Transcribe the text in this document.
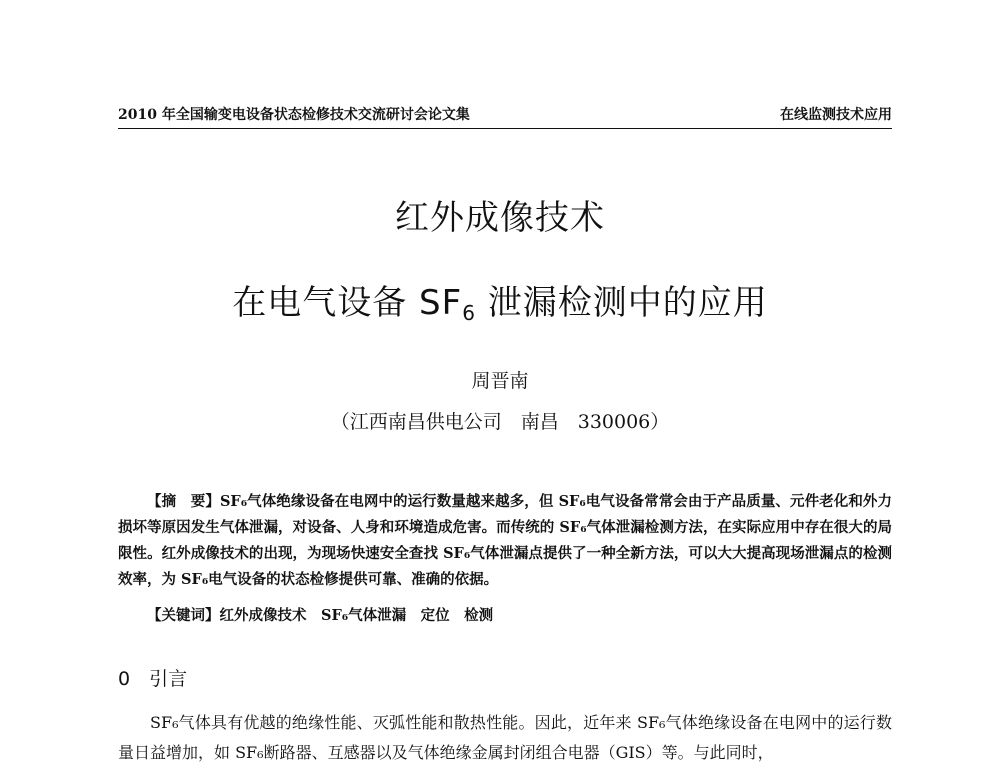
2010 年全国输变电设备状态检修技术交流研讨会论文集	在线监测技术应用
红外成像技术
在电气设备 $SF_6$ 泄漏检测中的应用
周晋南
（江西南昌供电公司　南昌　330006）
【摘　要】SF₆气体绝缘设备在电网中的运行数量越来越多，但 SF₆电气设备常常会由于产品质量、元件老化和外力损坏等原因发生气体泄漏，对设备、人身和环境造成危害。而传统的 SF₆气体泄漏检测方法，在实际应用中存在很大的局限性。红外成像技术的出现，为现场快速安全查找 SF₆气体泄漏点提供了一种全新方法，可以大大提高现场泄漏点的检测效率，为 SF₆电气设备的状态检修提供可靠、准确的依据。
【关键词】红外成像技术　SF₆气体泄漏　定位　检测
0　引言
SF₆气体具有优越的绝缘性能、灭弧性能和散热性能。因此，近年来 SF₆气体绝缘设备在电网中的运行数量日益增加，如 SF₆断路器、互感器以及气体绝缘金属封闭组合电器（GIS）等。与此同时，
